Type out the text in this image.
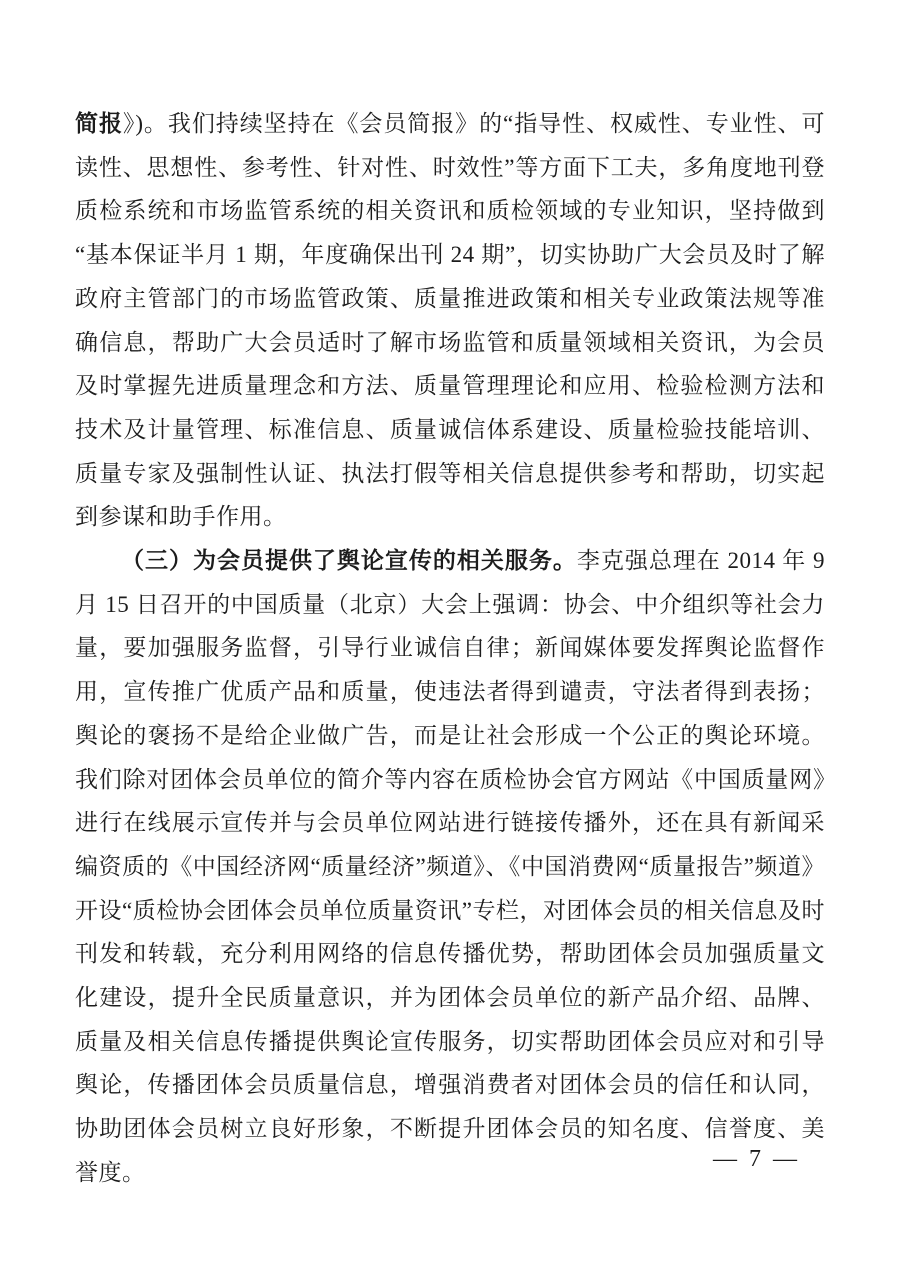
简报》)。我们持续坚持在《会员简报》的“指导性、权威性、专业性、可读性、思想性、参考性、针对性、时效性”等方面下工夫，多角度地刊登质检系统和市场监管系统的相关资讯和质检领域的专业知识，坚持做到“基本保证半月 1 期，年度确保出刊 24 期”，切实协助广大会员及时了解政府主管部门的市场监管政策、质量推进政策和相关专业政策法规等准确信息，帮助广大会员适时了解市场监管和质量领域相关资讯，为会员及时掌握先进质量理念和方法、质量管理理论和应用、检验检测方法和技术及计量管理、标准信息、质量诚信体系建设、质量检验技能培训、质量专家及强制性认证、执法打假等相关信息提供参考和帮助，切实起到参谋和助手作用。

（三）为会员提供了舆论宣传的相关服务。李克强总理在 2014 年 9 月 15 日召开的中国质量（北京）大会上强调：协会、中介组织等社会力量，要加强服务监督，引导行业诚信自律；新闻媒体要发挥舆论监督作用，宣传推广优质产品和质量，使违法者得到谴责，守法者得到表扬；舆论的褒扬不是给企业做广告，而是让社会形成一个公正的舆论环境。我们除对团体会员单位的简介等内容在质检协会官方网站《中国质量网》进行在线展示宣传并与会员单位网站进行链接传播外，还在具有新闻采编资质的《中国经济网“质量经济”频道》、《中国消费网“质量报告”频道》开设“质检协会团体会员单位质量资讯”专栏，对团体会员的相关信息及时刊发和转载，充分利用网络的信息传播优势，帮助团体会员加强质量文化建设，提升全民质量意识，并为团体会员单位的新产品介绍、品牌、质量及相关信息传播提供舆论宣传服务，切实帮助团体会员应对和引导舆论，传播团体会员质量信息，增强消费者对团体会员的信任和认同，协助团体会员树立良好形象，不断提升团体会员的知名度、信誉度、美誉度。

— 7 —
